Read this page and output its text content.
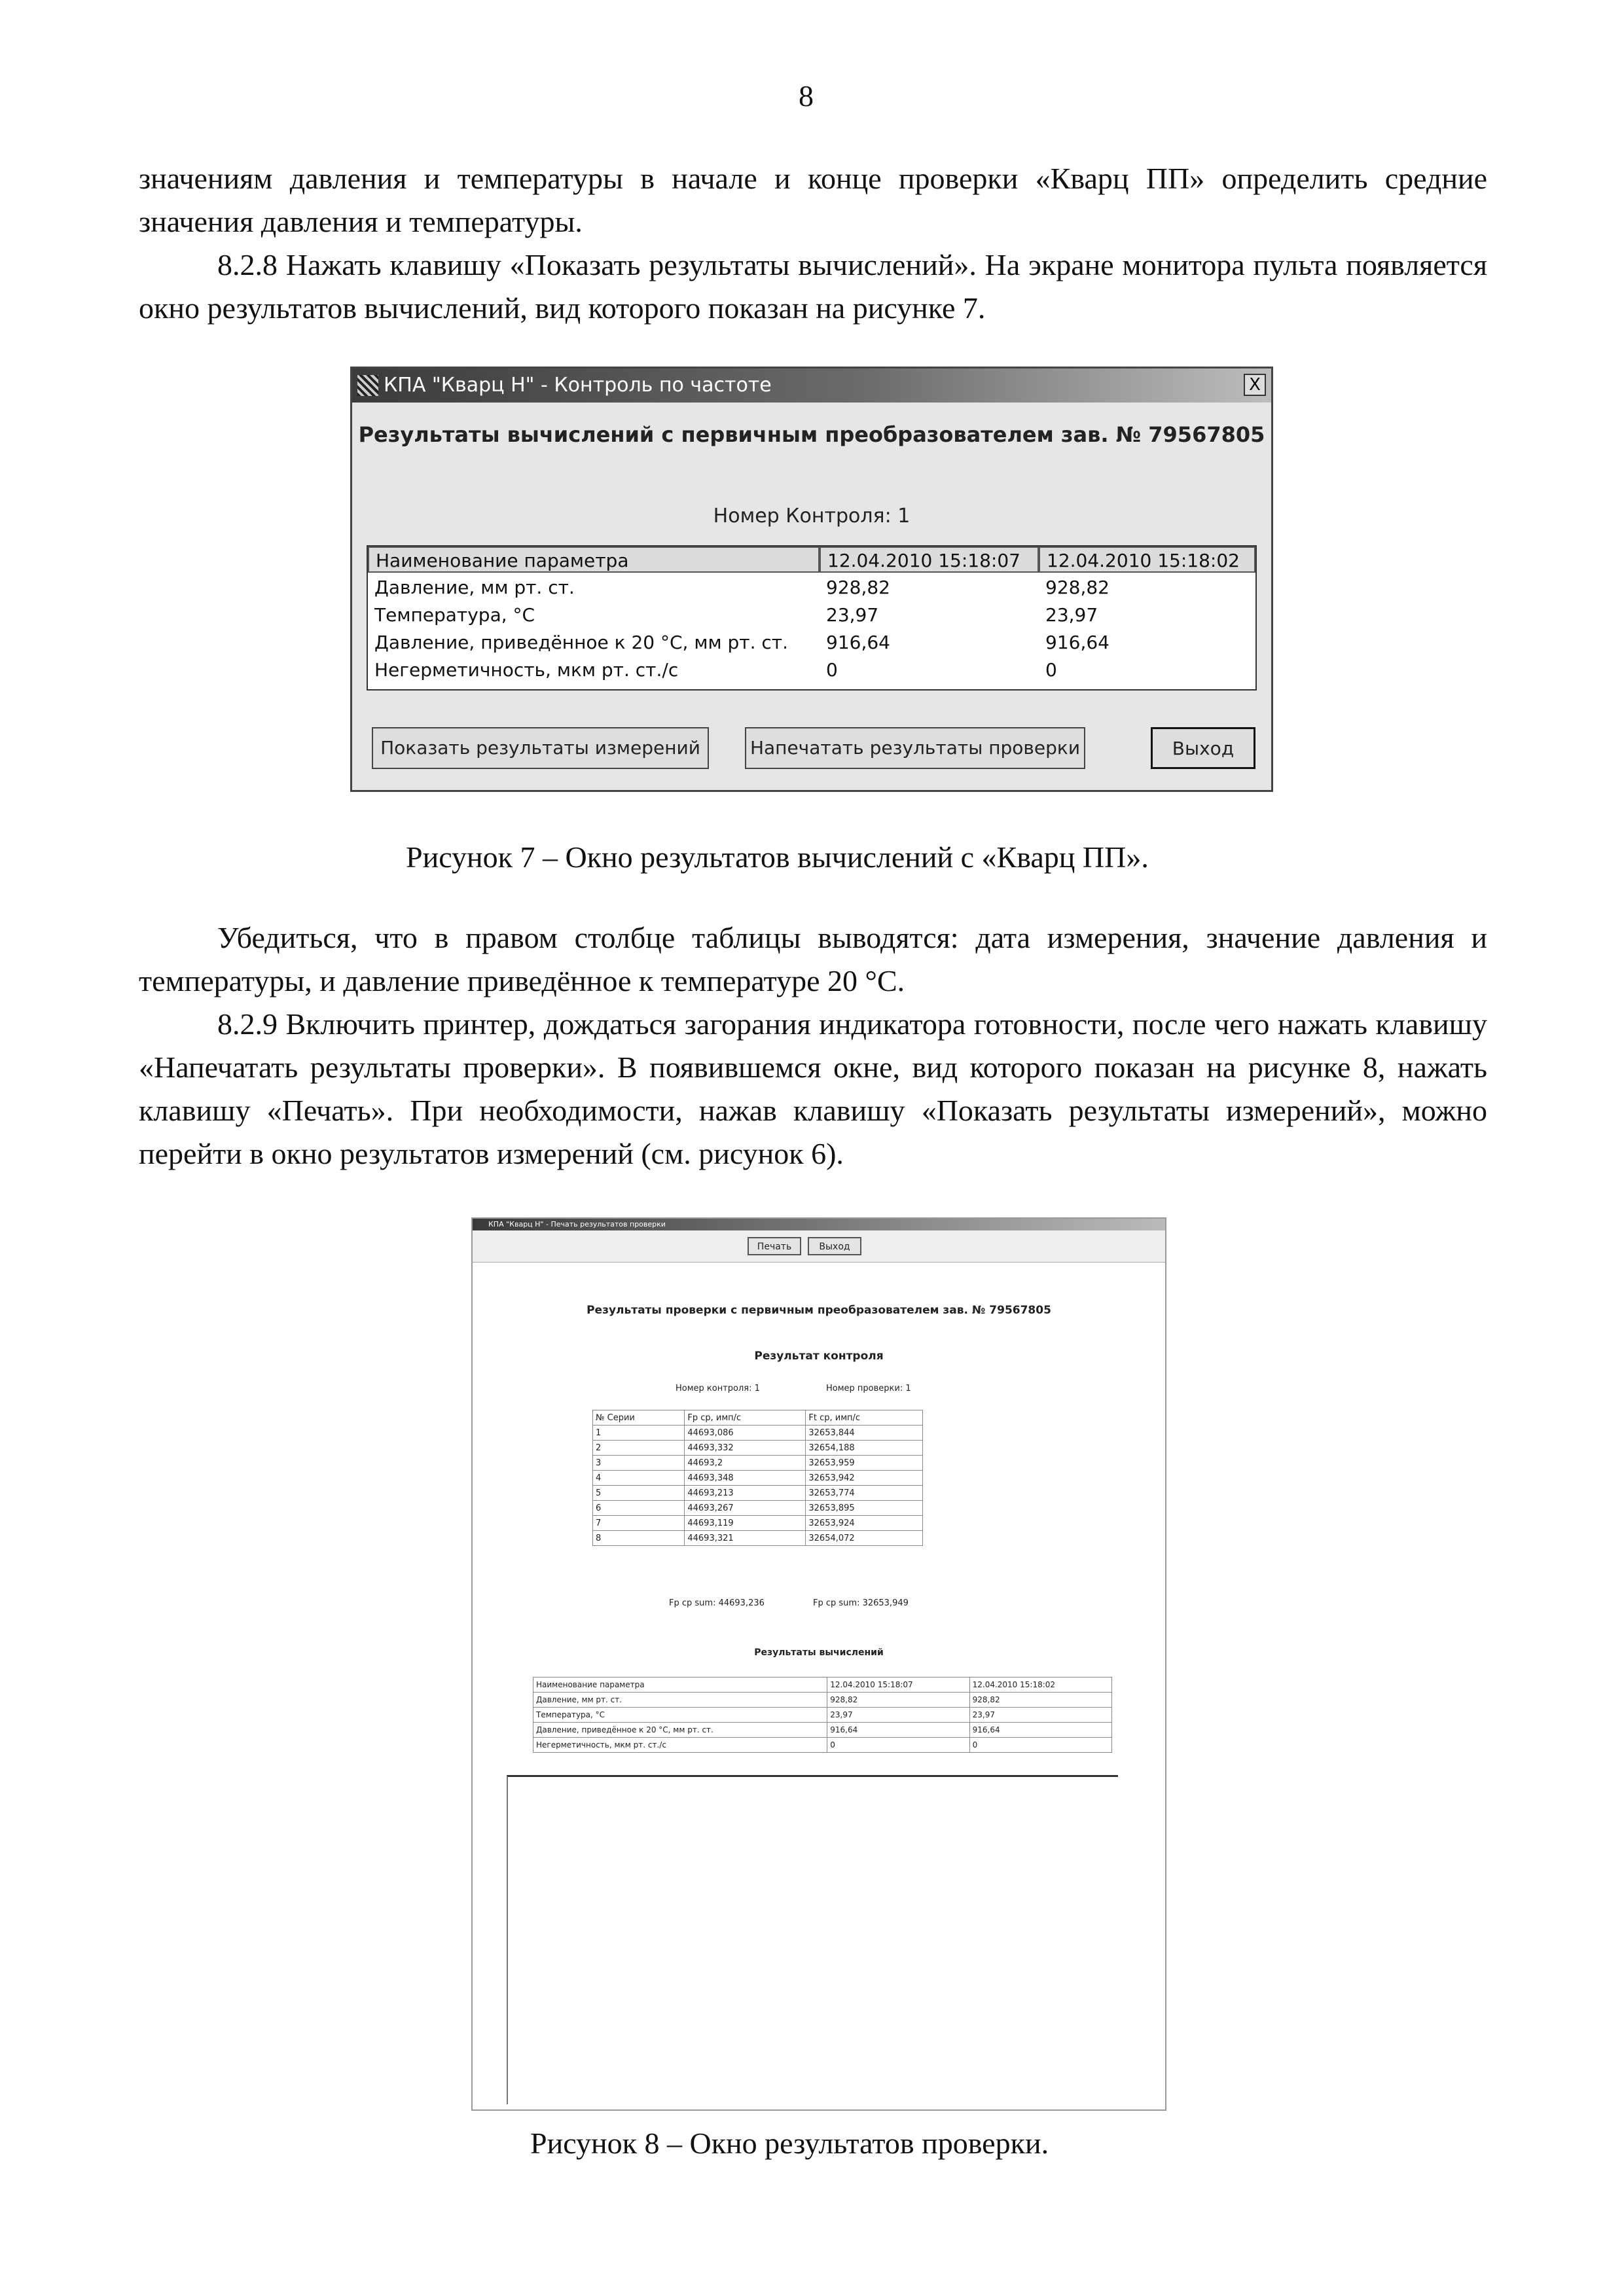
8

значениям давления и температуры в начале и конце проверки «Кварц ПП» определить средние значения давления и температуры.

8.2.8 Нажать клавишу «Показать результаты вычислений». На экране монитора пульта появляется окно результатов вычислений, вид которого показан на рисунке 7.

КПА "Кварц Н" - Контроль по частоте	X
Результаты вычислений с первичным преобразователем зав. № 79567805
Номер Контроля: 1
Наименование параметра	12.04.2010 15:18:07	12.04.2010 15:18:02
Давление, мм рт. ст.	928,82	928,82
Температура, °С	23,97	23,97
Давление, приведённое к 20 °С, мм рт. ст. 916,64	916,64
Негерметичность, мкм рт. ст./с	0	0
Показать результаты измерений	Напечатать результаты проверки	Выход
Рисунок 7 – Окно результатов вычислений с «Кварц ПП».

Убедиться, что в правом столбце таблицы выводятся: дата измерения, значение давления и температуры, и давление приведённое к температуре 20 °С.

8.2.9 Включить принтер, дождаться загорания индикатора готовности, после чего нажать клавишу «Напечатать результаты проверки». В появившемся окне, вид которого показан на рисунке 8, нажать клавишу «Печать». При необходимости, нажав клавишу «Показать результаты измерений», можно перейти в окно результатов измерений (см. рисунок 6).

КПА "Кварц Н" - Печать результатов проверки
Печать	Выход
Результаты проверки с первичным преобразователем зав. № 79567805
Результат контроля
Номер контроля: 1	Номер проверки: 1
№ Серии	Fp ср, имп/с	Ft ср, имп/с
1	44693,086	32653,844
2	44693,332	32654,188
3	44693,2	32653,959
4	44693,348	32653,942
5	44693,213	32653,774
6	44693,267	32653,895
7	44693,119	32653,924
8	44693,321	32654,072
Fp ср sum: 44693,236	Fp ср sum: 32653,949
Результаты вычислений
Наименование параметра	12.04.2010 15:18:07	12.04.2010 15:18:02
Давление, мм рт. ст.	928,82	928,82
Температура, °С	23,97	23,97
Давление, приведённое к 20 °С, мм рт. ст.	916,64	916,64
Негерметичность, мкм рт. ст./с	0	0
Рисунок 8 – Окно результатов проверки.
